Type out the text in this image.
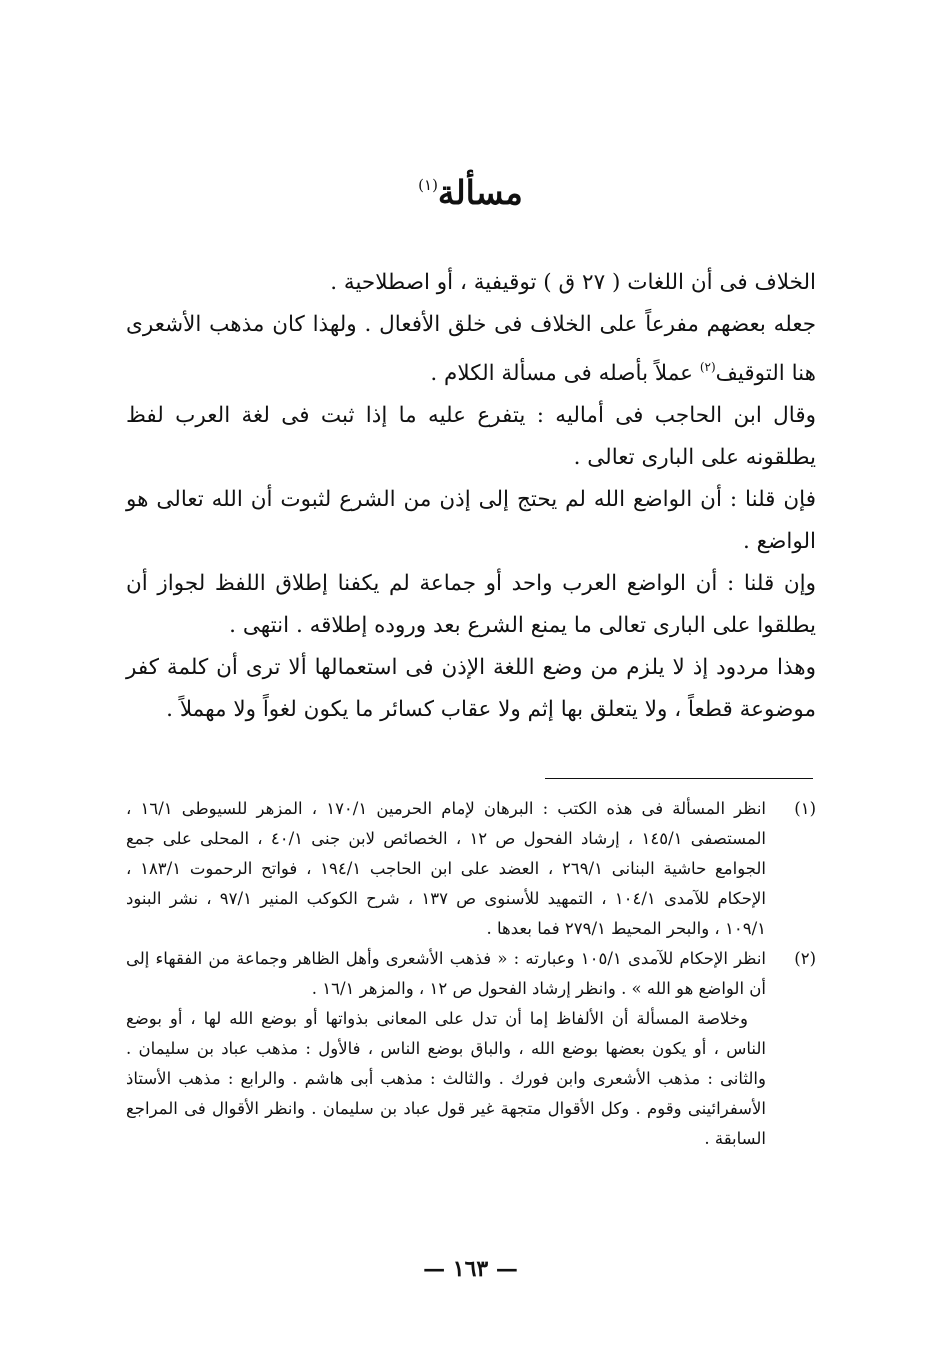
مسألة$^{(١)}$

الخلاف فى أن اللغات ( ٢٧ ق ) توقيفية ، أو اصطلاحية .

جعله بعضهم مفرعاً على الخلاف فى خلق الأفعال . ولهذا كان مذهب الأشعرى هنا التوقيف$^{(٢)}$ عملاً بأصله فى مسألة الكلام .

وقال ابن الحاجب فى أماليه : يتفرع عليه ما إذا ثبت فى لغة العرب لفظ يطلقونه على البارى تعالى .

فإن قلنا : أن الواضع الله لم يحتج إلى إذن من الشرع لثبوت أن الله تعالى هو الواضع .

وإن قلنا : أن الواضع العرب واحد أو جماعة لم يكفنا إطلاق اللفظ لجواز أن يطلقوا على البارى تعالى ما يمنع الشرع بعد وروده إطلاقه . انتهى .

وهذا مردود إذ لا يلزم من وضع اللغة الإذن فى استعمالها ألا ترى أن كلمة كفر موضوعة قطعاً ، ولا يتعلق بها إثم ولا عقاب كسائر ما يكون لغواً ولا مهملاً .

(١)

انظر المسألة فى هذه الكتب : البرهان لإمام الحرمين ١٧٠/١ ، المزهر للسيوطى ١٦/١ ، المستصفى ١٤٥/١ ، إرشاد الفحول ص ١٢ ، الخصائص لابن جنى ٤٠/١ ، المحلى على جمع الجوامع حاشية البنانى ٢٦٩/١ ، العضد على ابن الحاجب ١٩٤/١ ، فواتح الرحموت ١٨٣/١ ، الإحكام للآمدى ١٠٤/١ ، التمهيد للأسنوى ص ١٣٧ ، شرح الكوكب المنير ٩٧/١ ، نشر البنود ١٠٩/١ ، والبحر المحيط ٢٧٩/١ فما بعدها .

(٢)

انظر الإحكام للآمدى ١٠٥/١ وعبارته : « فذهب الأشعرى وأهل الظاهر وجماعة من الفقهاء إلى أن الواضع هو الله » . وانظر إرشاد الفحول ص ١٢ ، والمزهر ١٦/١ .

وخلاصة المسألة أن الألفاظ إما أن تدل على المعانى بذواتها أو بوضع الله لها ، أو بوضع الناس ، أو يكون بعضها بوضع الله ، والباق بوضع الناس ، فالأول : مذهب عباد بن سليمان . والثانى : مذهب الأشعرى وابن فورك . والثالث : مذهب أبى هاشم . والرابع : مذهب الأستاذ الأسفرائينى وقوم . وكل الأقوال متجهة غير قول عباد بن سليمان . وانظر الأقوال فى المراجع السابقة .

— ١٦٣ —
